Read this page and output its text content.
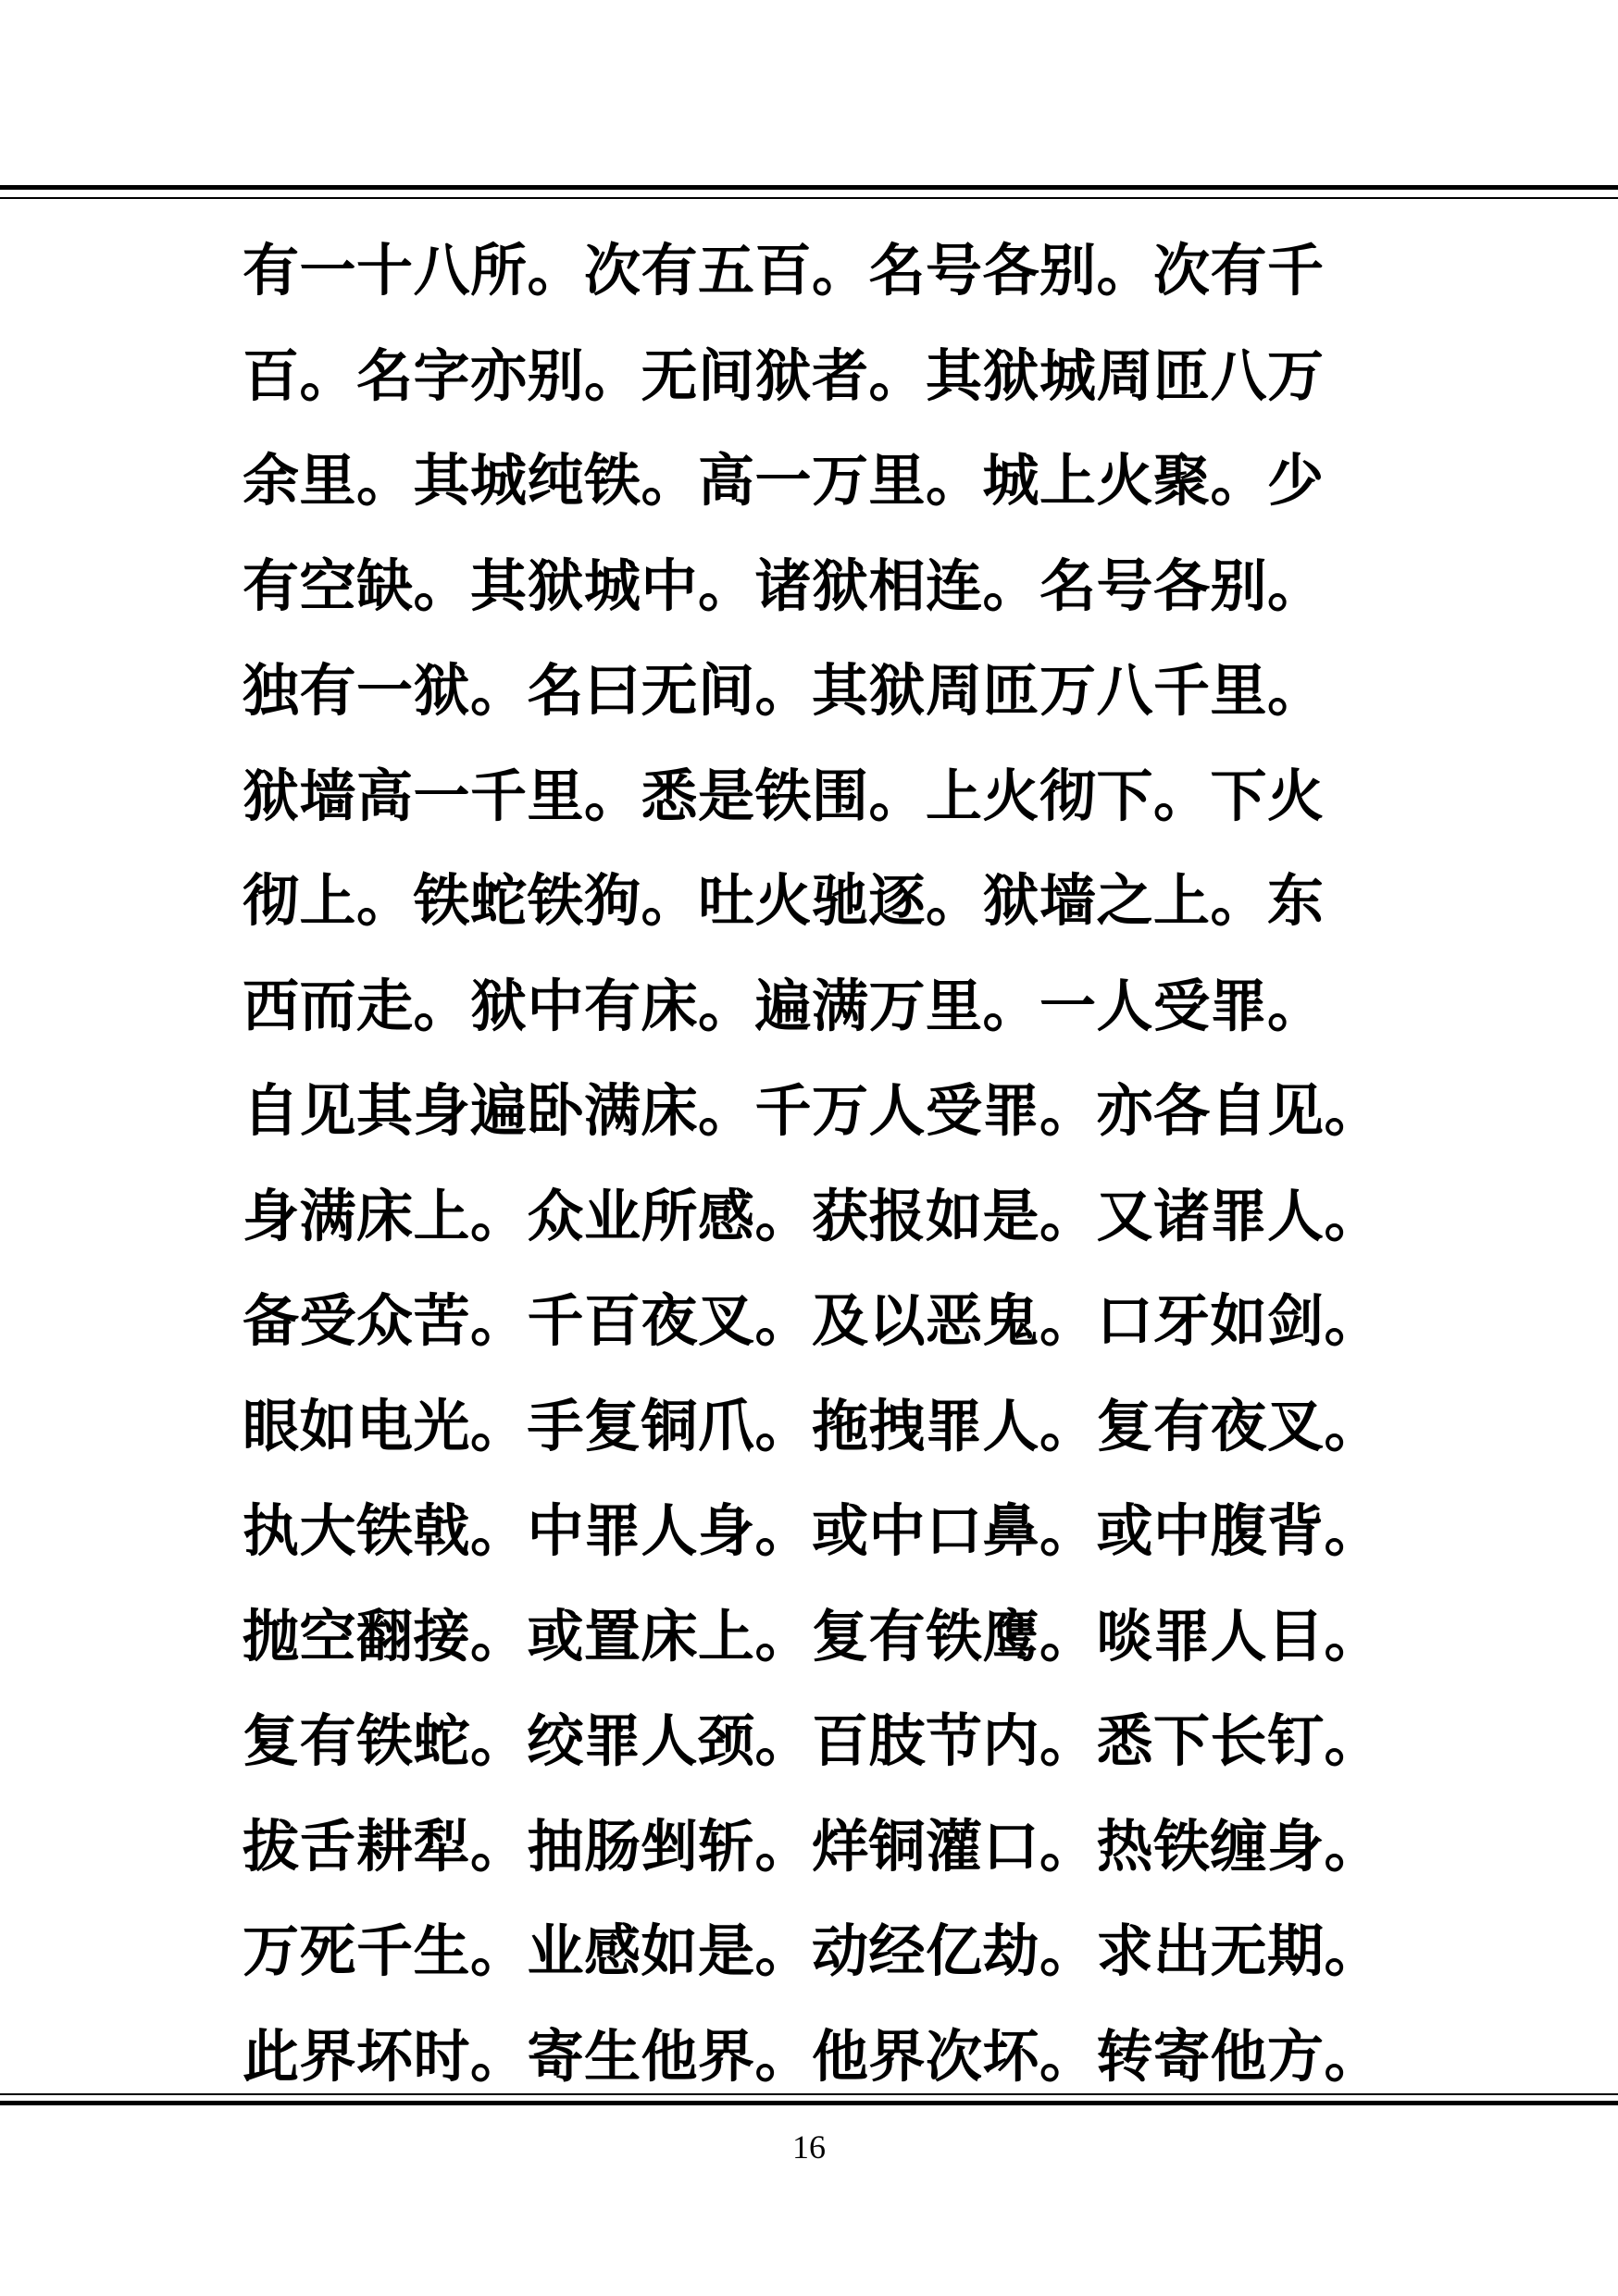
有一十八所。次有五百。名号各别。次有千
百。名字亦别。无间狱者。其狱城周匝八万
余里。其城纯铁。高一万里。城上火聚。少
有空缺。其狱城中。诸狱相连。名号各别。
独有一狱。名曰无间。其狱周匝万八千里。
狱墙高一千里。悉是铁围。上火彻下。下火
彻上。铁蛇铁狗。吐火驰逐。狱墙之上。东
西而走。狱中有床。遍满万里。一人受罪。
自见其身遍卧满床。千万人受罪。亦各自见。
身满床上。众业所感。获报如是。又诸罪人。
备受众苦。千百夜叉。及以恶鬼。口牙如剑。
眼如电光。手复铜爪。拖拽罪人。复有夜叉。
执大铁戟。中罪人身。或中口鼻。或中腹背。
抛空翻接。或置床上。复有铁鹰。啖罪人目。
复有铁蛇。绞罪人颈。百肢节内。悉下长钉。
拔舌耕犁。抽肠剉斩。烊铜灌口。热铁缠身。
万死千生。业感如是。动经亿劫。求出无期。
此界坏时。寄生他界。他界次坏。转寄他方。
16
